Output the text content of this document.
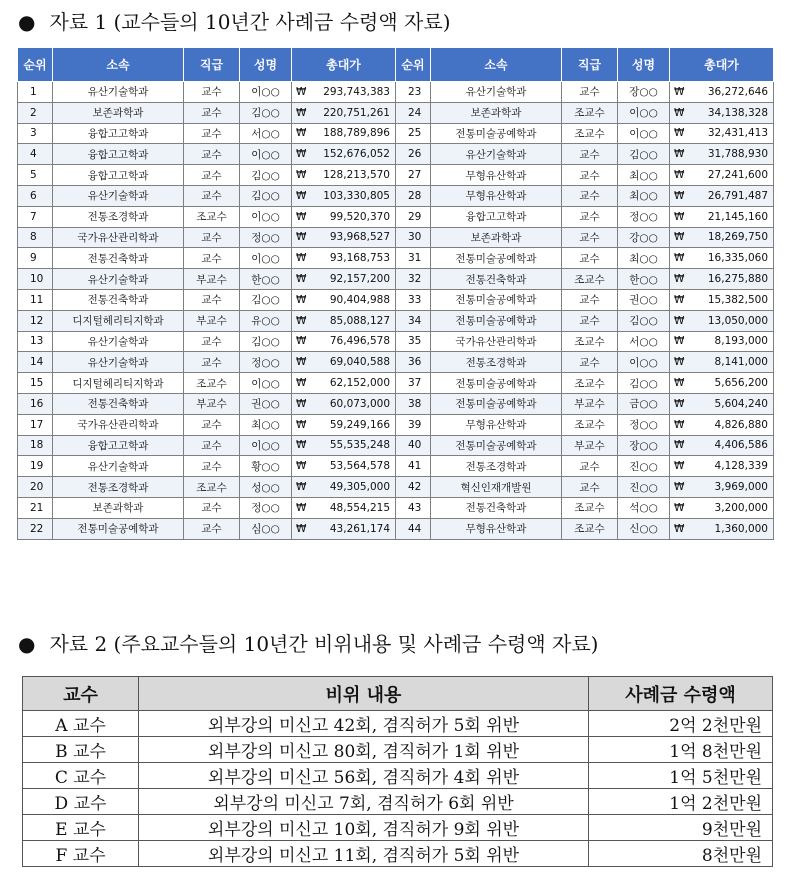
● 자료 1 (교수들의 10년간 사례금 수령액 자료)
순위	소속	직급	성명	총대가	순위	소속	직급	성명	총대가
1	유산기술학과	교수	이○○	₩ 293,743,383	23	유산기술학과	교수	장○○	₩ 36,272,646
2	보존과학과	교수	김○○	₩ 220,751,261	24	보존과학과	조교수	이○○	₩ 34,138,328
3	융합고고학과	교수	서○○	₩ 188,789,896	25	전통미술공예학과	조교수	이○○	₩ 32,431,413
4	융합고고학과	교수	이○○	₩ 152,676,052	26	유산기술학과	교수	김○○	₩ 31,788,930
5	융합고고학과	교수	김○○	₩ 128,213,570	27	무형유산학과	교수	최○○	₩ 27,241,600
6	유산기술학과	교수	김○○	₩ 103,330,805	28	무형유산학과	교수	최○○	₩ 26,791,487
7	전통조경학과	조교수	이○○	₩ 99,520,370	29	융합고고학과	교수	정○○	₩ 21,145,160
8	국가유산관리학과	교수	정○○	₩ 93,968,527	30	보존과학과	교수	강○○	₩ 18,269,750
9	전통건축학과	교수	이○○	₩ 93,168,753	31	전통미술공예학과	교수	최○○	₩ 16,335,060
10	유산기술학과	부교수	한○○	₩ 92,157,200	32	전통건축학과	조교수	한○○	₩ 16,275,880
11	전통건축학과	교수	김○○	₩ 90,404,988	33	전통미술공예학과	교수	권○○	₩ 15,382,500
12	디지털헤리티지학과	부교수	유○○	₩ 85,088,127	34	전통미술공예학과	교수	김○○	₩ 13,050,000
13	유산기술학과	교수	김○○	₩ 76,496,578	35	국가유산관리학과	조교수	서○○	₩ 8,193,000
14	유산기술학과	교수	정○○	₩ 69,040,588	36	전통조경학과	교수	이○○	₩ 8,141,000
15	디지털헤리티지학과	조교수	이○○	₩ 62,152,000	37	전통미술공예학과	조교수	김○○	₩ 5,656,200
16	전통건축학과	부교수	권○○	₩ 60,073,000	38	전통미술공예학과	부교수	금○○	₩ 5,604,240
17	국가유산관리학과	교수	최○○	₩ 59,249,166	39	무형유산학과	조교수	정○○	₩ 4,826,880
18	융합고고학과	교수	이○○	₩ 55,535,248	40	전통미술공예학과	부교수	장○○	₩ 4,406,586
19	유산기술학과	교수	황○○	₩ 53,564,578	41	전통조경학과	교수	진○○	₩ 4,128,339
20	전통조경학과	조교수	성○○	₩ 49,305,000	42	혁신인재개발원	교수	진○○	₩ 3,969,000
21	보존과학과	교수	정○○	₩ 48,554,215	43	전통건축학과	조교수	석○○	₩ 3,200,000
22	전통미술공예학과	교수	심○○	₩ 43,261,174	44	무형유산학과	조교수	신○○	₩ 1,360,000
● 자료 2 (주요교수들의 10년간 비위내용 및 사례금 수령액 자료)
교수	비위 내용	사례금 수령액
A 교수	외부강의 미신고 42회, 겸직허가 5회 위반	2억 2천만원
B 교수	외부강의 미신고 80회, 겸직허가 1회 위반	1억 8천만원
C 교수	외부강의 미신고 56회, 겸직허가 4회 위반	1억 5천만원
D 교수	외부강의 미신고 7회, 겸직허가 6회 위반	1억 2천만원
E 교수	외부강의 미신고 10회, 겸직허가 9회 위반	9천만원
F 교수	외부강의 미신고 11회, 겸직허가 5회 위반	8천만원
